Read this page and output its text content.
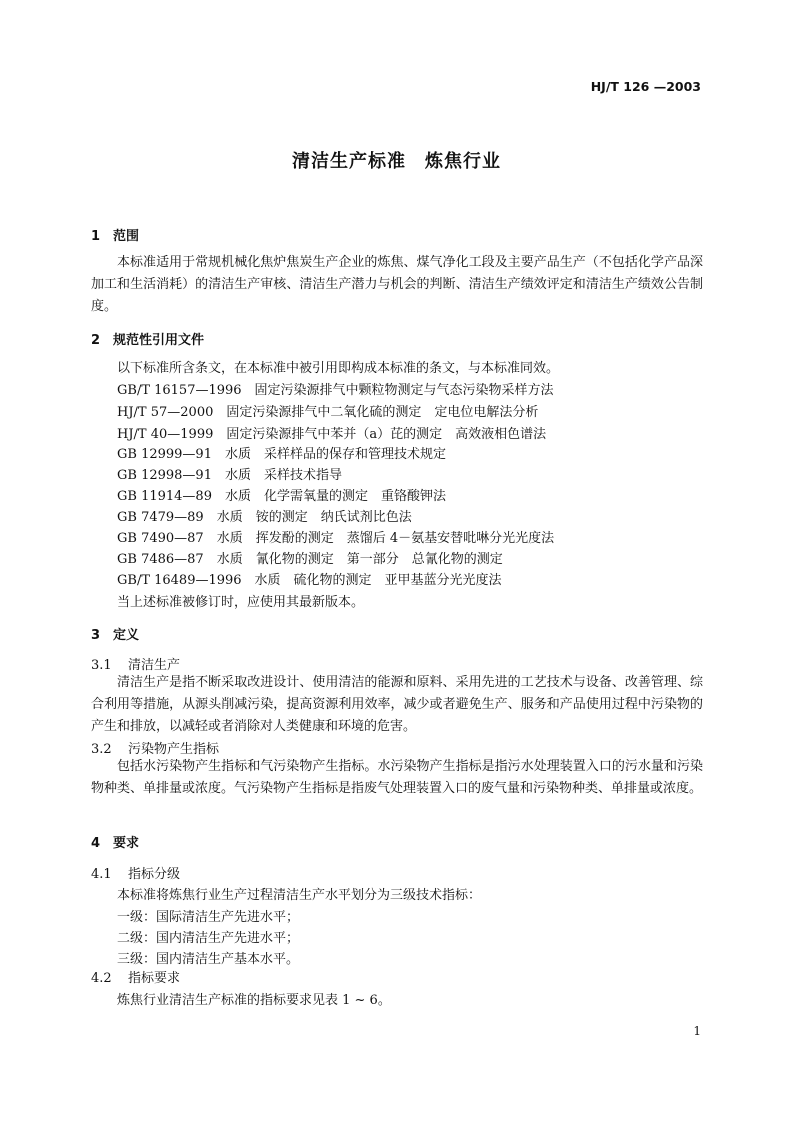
HJ/T 126 —2003
清洁生产标准　炼焦行业
1 范围
本标准适用于常规机械化焦炉焦炭生产企业的炼焦、煤气净化工段及主要产品生产（不包括化学产品深加工和生活消耗）的清洁生产审核、清洁生产潜力与机会的判断、清洁生产绩效评定和清洁生产绩效公告制度。
2 规范性引用文件
以下标准所含条文，在本标准中被引用即构成本标准的条文，与本标准同效。
GB/T 16157—1996　固定污染源排气中颗粒物测定与气态污染物采样方法
HJ/T 57—2000　固定污染源排气中二氧化硫的测定　定电位电解法分析
HJ/T 40—1999　固定污染源排气中苯并（a）芘的测定　高效液相色谱法
GB 12999—91　水质　采样样品的保存和管理技术规定
GB 12998—91　水质　采样技术指导
GB 11914—89　水质　化学需氧量的测定　重铬酸钾法
GB 7479—89　水质　铵的测定　纳氏试剂比色法
GB 7490—87　水质　挥发酚的测定　蒸馏后 4－氨基安替吡啉分光光度法
GB 7486—87　水质　氰化物的测定　第一部分　总氰化物的测定
GB/T 16489—1996　水质　硫化物的测定　亚甲基蓝分光光度法
当上述标准被修订时，应使用其最新版本。
3 定义
3.1 清洁生产
清洁生产是指不断采取改进设计、使用清洁的能源和原料、采用先进的工艺技术与设备、改善管理、综合利用等措施，从源头削减污染，提高资源利用效率，减少或者避免生产、服务和产品使用过程中污染物的产生和排放，以减轻或者消除对人类健康和环境的危害。
3.2 污染物产生指标
包括水污染物产生指标和气污染物产生指标。水污染物产生指标是指污水处理装置入口的污水量和污染物种类、单排量或浓度。气污染物产生指标是指废气处理装置入口的废气量和污染物种类、单排量或浓度。
4 要求
4.1 指标分级
本标准将炼焦行业生产过程清洁生产水平划分为三级技术指标：
一级：国际清洁生产先进水平；
二级：国内清洁生产先进水平；
三级：国内清洁生产基本水平。
4.2 指标要求
炼焦行业清洁生产标准的指标要求见表 1 ~ 6。
1
